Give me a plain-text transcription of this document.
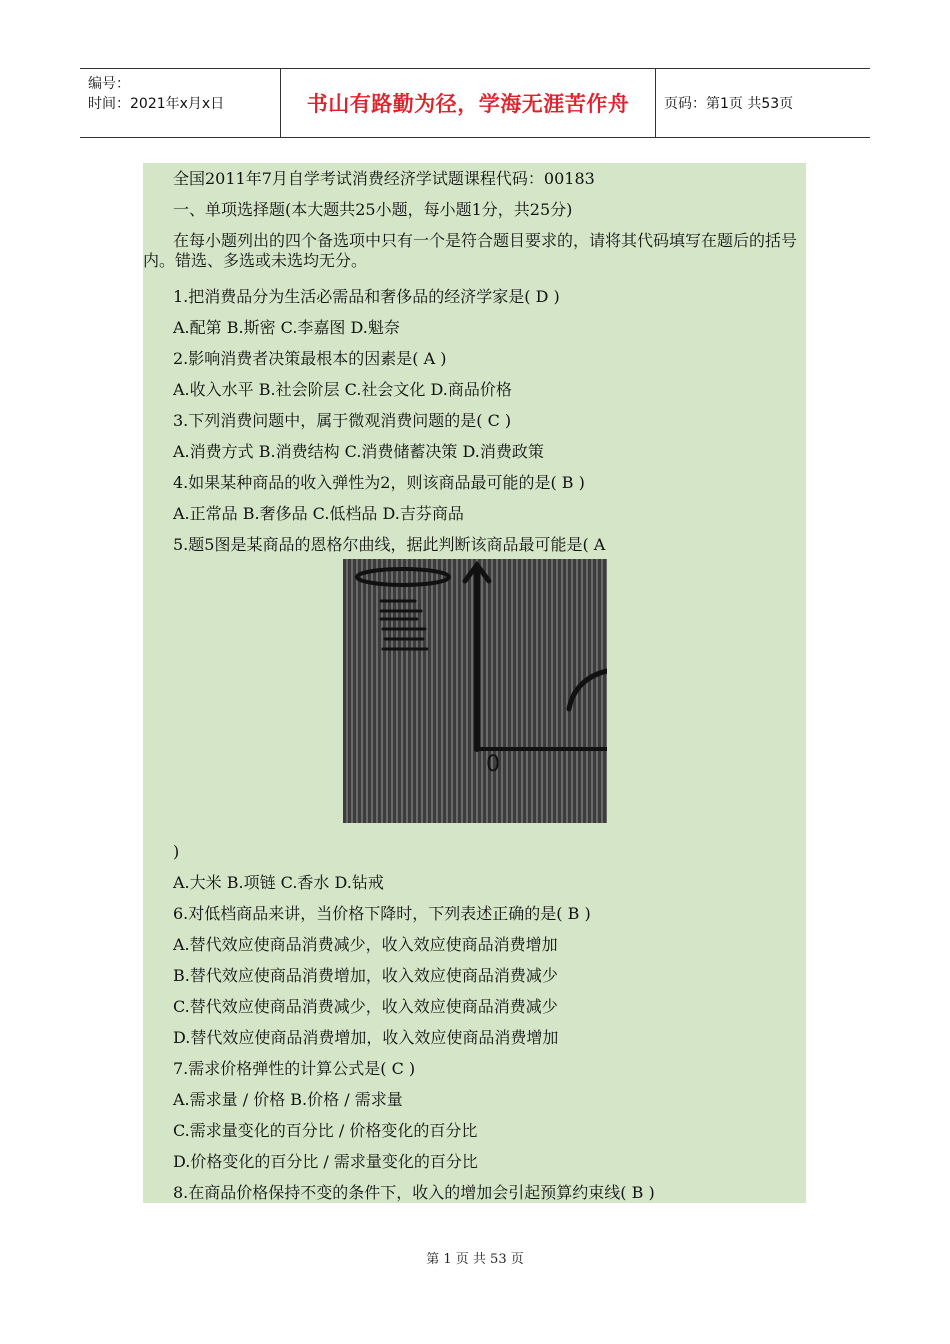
编号：
时间：2021年x月x日	书山有路勤为径，学海无涯苦作舟 页码：第1页 共53页
全国2011年7月自学考试消费经济学试题课程代码：00183
一、单项选择题(本大题共25小题，每小题1分，共25分)
在每小题列出的四个备选项中只有一个是符合题目要求的，请将其代码填写在题后的括号内。错选、多选或未选均无分。
1.把消费品分为生活必需品和奢侈品的经济学家是( D )
A.配第 B.斯密 C.李嘉图 D.魁奈
2.影响消费者决策最根本的因素是( A )
A.收入水平 B.社会阶层 C.社会文化 D.商品价格
3.下列消费问题中，属于微观消费问题的是( C )
A.消费方式 B.消费结构 C.消费储蓄决策 D.消费政策
4.如果某种商品的收入弹性为2，则该商品最可能的是( B )
A.正常品 B.奢侈品 C.低档品 D.吉芬商品
5.题5图是某商品的恩格尔曲线，据此判断该商品最可能是( A
0
)
A.大米 B.项链 C.香水 D.钻戒
6.对低档商品来讲，当价格下降时，下列表述正确的是( B )
A.替代效应使商品消费减少，收入效应使商品消费增加
B.替代效应使商品消费增加，收入效应使商品消费减少
C.替代效应使商品消费减少，收入效应使商品消费减少
D.替代效应使商品消费增加，收入效应使商品消费增加
7.需求价格弹性的计算公式是( C )
A.需求量 / 价格 B.价格 / 需求量
C.需求量变化的百分比 / 价格变化的百分比
D.价格变化的百分比 / 需求量变化的百分比
8.在商品价格保持不变的条件下，收入的增加会引起预算约束线( B )
第 1 页 共 53 页
